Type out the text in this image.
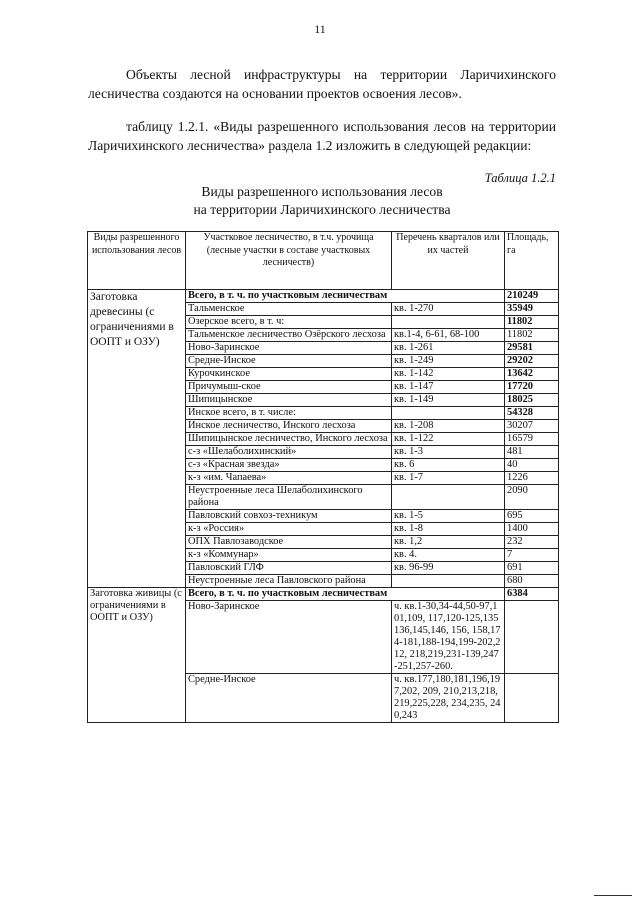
11
Объекты лесной инфраструктуры на территории Ларичихинского лесничества создаются на основании проектов освоения лесов».
таблицу 1.2.1. «Виды разрешенного использования лесов на территории Ларичихинского лесничества» раздела 1.2 изложить в следующей редакции:
Таблица 1.2.1
Виды разрешенного использования лесов
на территории Ларичихинского лесничества
Виды разрешенного использования лесов	Участковое лесничество, в т.ч. урочища (лесные участки в составе участковых лесничеств)	Перечень кварталов или их частей	Площадь, га
Заготовка древесины (с ограничениями в ООПТ и ОЗУ)	Всего, в т. ч. по участковым лесничествам		210249
	Тальменское	кв. 1-270	35949
	Озерское всего, в т. ч:		11802
	Тальменское лесничество Озёрского лесхоза	кв.1-4, 6-61, 68-100	11802
	Ново-Заринское	кв. 1-261	29581
	Средне-Инское	кв. 1-249	29202
	Курочкинское	кв. 1-142	13642
	Причумыш-ское	кв. 1-147	17720
	Шипицынское	кв. 1-149	18025
	Инское всего, в т. числе:		54328
	Инское лесничество, Инского лесхоза	кв. 1-208	30207
	Шипицынское лесничество, Инского лесхоза	кв. 1-122	16579
	с-з «Шелаболихинский»	кв. 1-3	481
	с-з «Красная звезда»	кв. 6	40
	к-з «им. Чапаева»	кв. 1-7	1226
	Неустроенные леса Шелаболихинского района		2090
	Павловский совхоз-техникум	кв. 1-5	695
	к-з «Россия»	кв. 1-8	1400
	ОПХ Павлозаводское	кв. 1,2	232
	к-з «Коммунар»	кв. 4.	7
	Павловский ГЛФ	кв. 96-99	691
	Неустроенные леса Павловского района		680
Заготовка живицы (с ограничениями в ООПТ и ОЗУ)	Всего, в т. ч. по участковым лесничествам		6384
	Ново-Заринское	ч. кв.1-30,34-44,50-97,101,109, 117,120-125,135136,145,146, 156, 158,174-181,188-194,199-202,212, 218,219,231-139,247-251,257-260.	
	Средне-Инское	ч. кв.177,180,181,196,197,202, 209, 210,213,218,219,225,228, 234,235, 240,243	
